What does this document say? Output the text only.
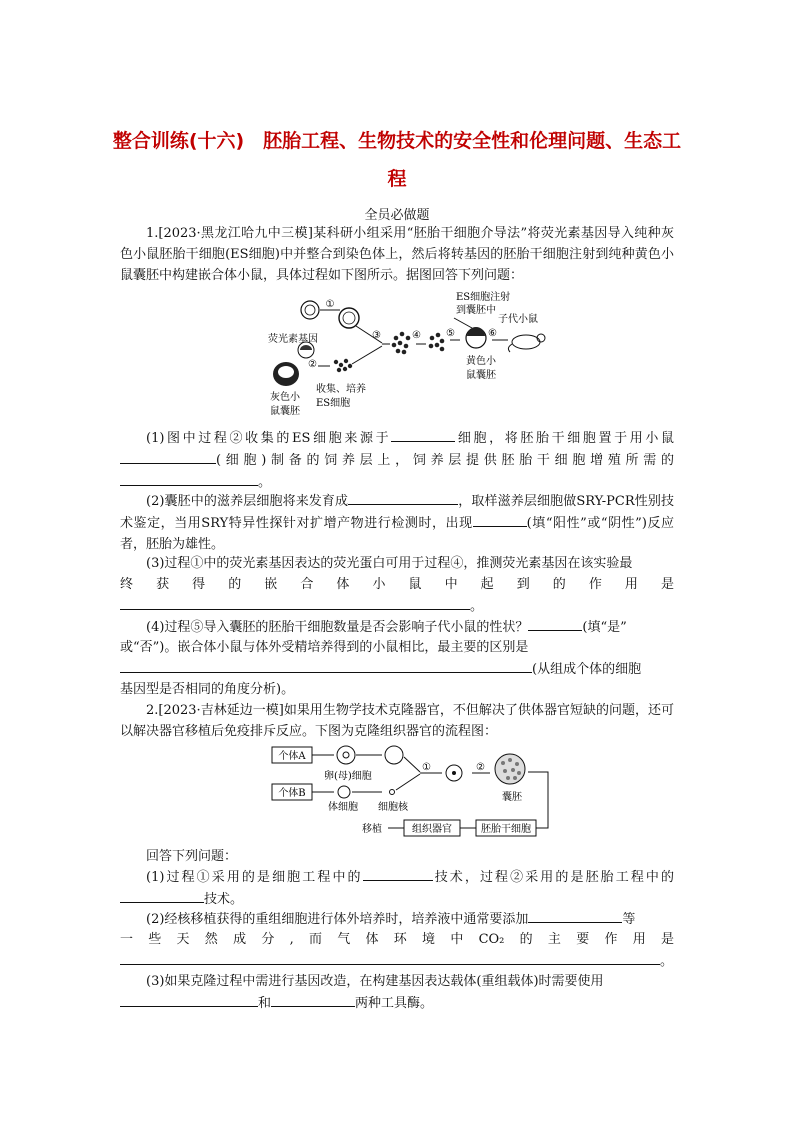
整合训练(十六)　胚胎工程、生物技术的安全性和伦理问题、生态工程
全员必做题
1.[2023·黑龙江哈九中三模]某科研小组采用“胚胎干细胞介导法”将荧光素基因导入纯种灰色小鼠胚胎干细胞(ES细胞)中并整合到染色体上，然后将转基因的胚胎干细胞注射到纯种黄色小鼠囊胚中构建嵌合体小鼠，具体过程如下图所示。据图回答下列问题：
①
荧光素基因
②
灰色小
鼠囊胚
收集、培养
ES细胞
③	④	⑤
ES细胞注射
到囊胚中
⑥
子代小鼠
黄色小
鼠囊胚
(1)图中过程②收集的ES细胞来源于	细胞，将胚胎干细胞置于用小鼠(细胞)制备的饲养层上，饲养层提供胚胎干细胞增殖所需的。
(2)囊胚中的滋养层细胞将来发育成	，取样滋养层细胞做SRY-PCR性别技术鉴定，当用SRY特异性探针对扩增产物进行检测时，出现	(填“阳性”或“阴性”)反应者，胚胎为雄性。
(3)过程①中的荧光素基因表达的荧光蛋白可用于过程④，推测荧光素基因在该实验最
终 获 得 的 嵌 合 体 小 鼠 中 起 到 的 作 用 是
。
(4)过程⑤导入囊胚的胚胎干细胞数量是否会影响子代小鼠的性状？	(填“是”
或“否”)。嵌合体小鼠与体外受精培养得到的小鼠相比，最主要的区别是
(从组成个体的细胞
基因型是否相同的角度分析)。
2.[2023·吉林延边一模]如果用生物学技术克隆器官，不但解决了供体器官短缺的问题，还可以解决器官移植后免疫排斥反应。下图为克隆组织器官的流程图：
个体A
卵(母)细胞
个体B
体细胞 细胞核
①	②
囊胚
胚胎干细胞
组织器官
移植
回答下列问题：
(1)过程①采用的是细胞工程中的	技术，过程②采用的是胚胎工程中的技术。
(2)经核移植获得的重组细胞进行体外培养时，培养液中通常要添加	等
一 些 天 然 成 分 , 而 气 体 环 境 中 CO₂ 的 主 要 作 用 是
。
(3)如果克隆过程中需进行基因改造，在构建基因表达载体(重组载体)时需要使用
和	两种工具酶。
